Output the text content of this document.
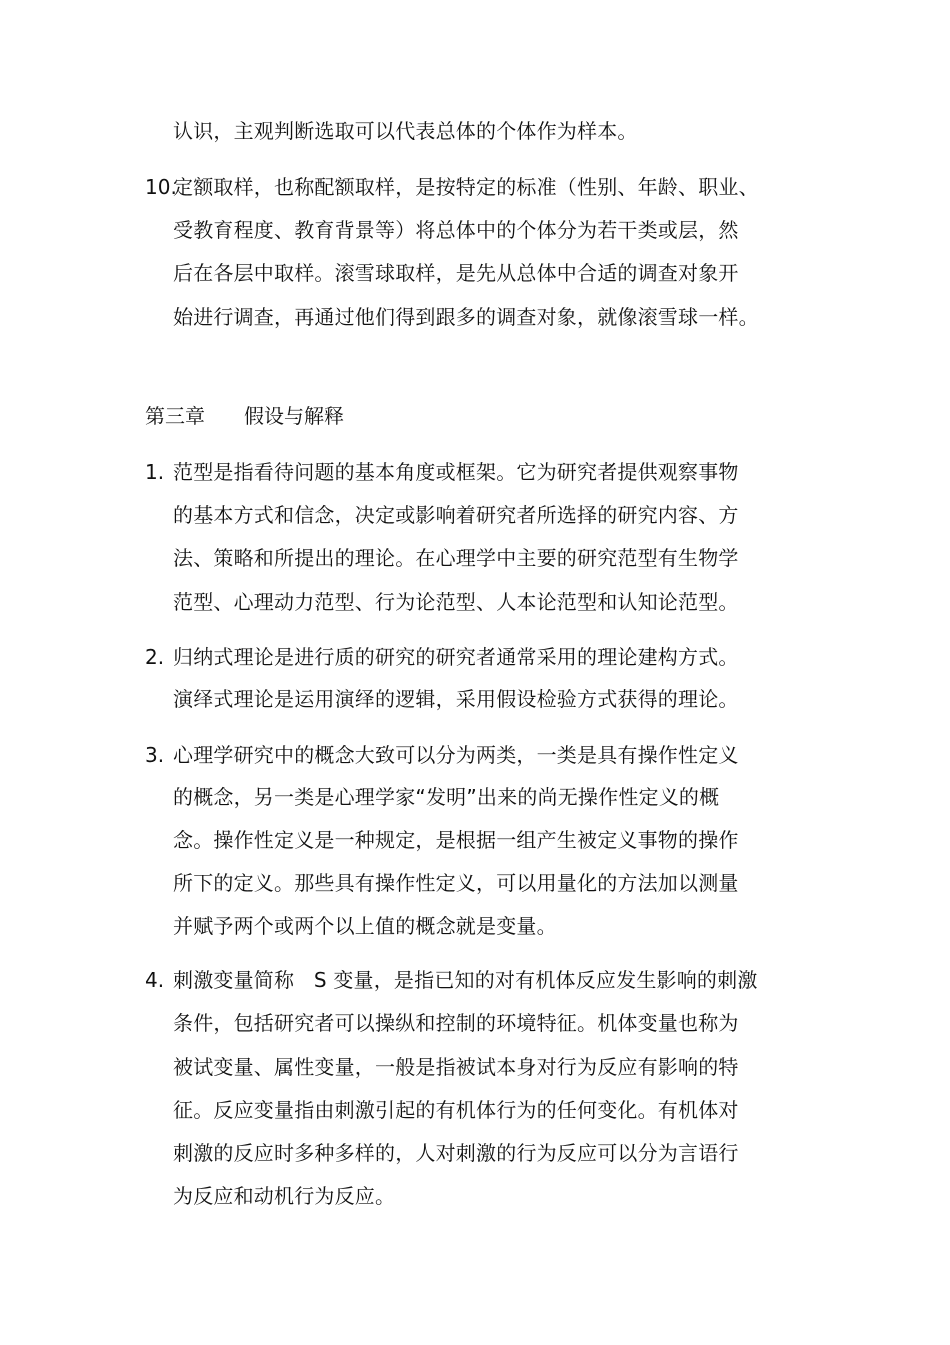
认识，主观判断选取可以代表总体的个体作为样本。
10.
定额取样，也称配额取样，是按特定的标准（性别、年龄、职业、
受教育程度、教育背景等）将总体中的个体分为若干类或层，然
后在各层中取样。滚雪球取样，是先从总体中合适的调查对象开
始进行调查，再通过他们得到跟多的调查对象，就像滚雪球一样。
第三章 假设与解释
1. 范型是指看待问题的基本角度或框架。它为研究者提供观察事物
的基本方式和信念，决定或影响着研究者所选择的研究内容、方
法、策略和所提出的理论。在心理学中主要的研究范型有生物学
范型、心理动力范型、行为论范型、人本论范型和认知论范型。
2. 归纳式理论是进行质的研究的研究者通常采用的理论建构方式。
演绎式理论是运用演绎的逻辑，采用假设检验方式获得的理论。
3. 心理学研究中的概念大致可以分为两类，一类是具有操作性定义
的概念，另一类是心理学家“发明”出来的尚无操作性定义的概
念。操作性定义是一种规定，是根据一组产生被定义事物的操作
所下的定义。那些具有操作性定义，可以用量化的方法加以测量
并赋予两个或两个以上值的概念就是变量。
4. 刺激变量简称   S 变量，是指已知的对有机体反应发生影响的刺激
条件，包括研究者可以操纵和控制的环境特征。机体变量也称为
被试变量、属性变量，一般是指被试本身对行为反应有影响的特
征。反应变量指由刺激引起的有机体行为的任何变化。有机体对
刺激的反应时多种多样的，人对刺激的行为反应可以分为言语行
为反应和动机行为反应。
